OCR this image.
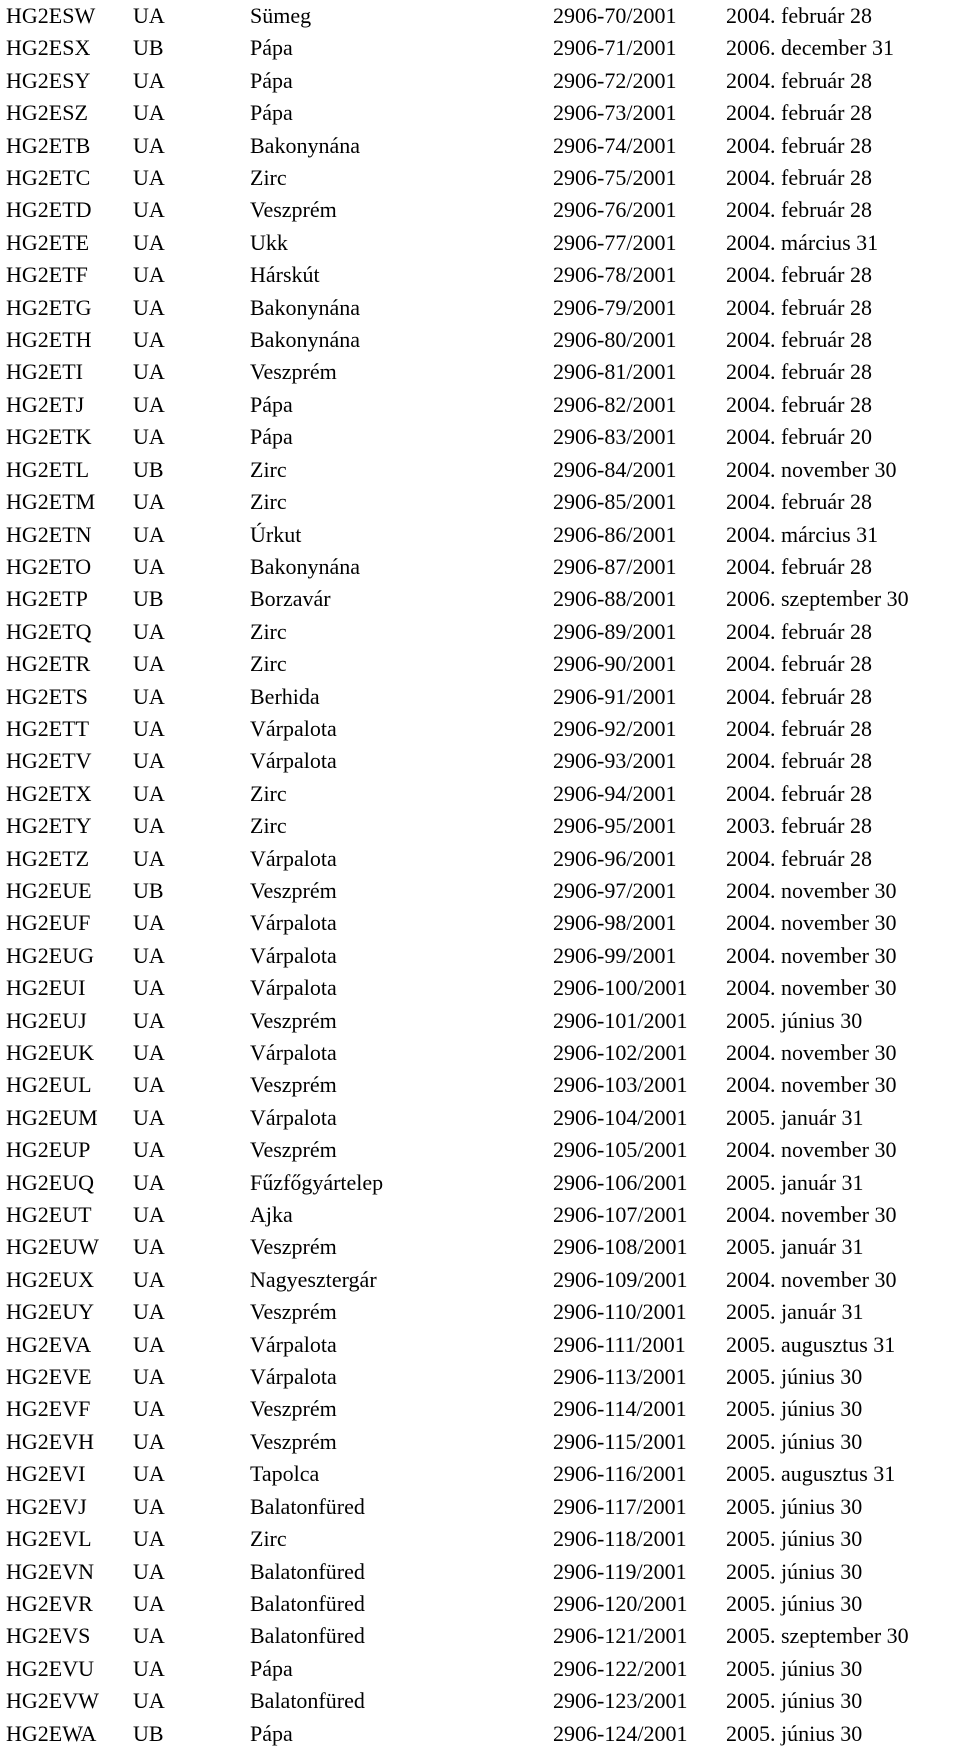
HG2ESW	UA	Sümeg	2906-70/2001	2004. február 28
HG2ESX	UB	Pápa	2906-71/2001	2006. december 31
HG2ESY	UA	Pápa	2906-72/2001	2004. február 28
HG2ESZ	UA	Pápa	2906-73/2001	2004. február 28
HG2ETB	UA	Bakonynána	2906-74/2001	2004. február 28
HG2ETC	UA	Zirc	2906-75/2001	2004. február 28
HG2ETD	UA	Veszprém	2906-76/2001	2004. február 28
HG2ETE	UA	Ukk	2906-77/2001	2004. március 31
HG2ETF	UA	Hárskút	2906-78/2001	2004. február 28
HG2ETG	UA	Bakonynána	2906-79/2001	2004. február 28
HG2ETH	UA	Bakonynána	2906-80/2001	2004. február 28
HG2ETI	UA	Veszprém	2906-81/2001	2004. február 28
HG2ETJ	UA	Pápa	2906-82/2001	2004. február 28
HG2ETK	UA	Pápa	2906-83/2001	2004. február 20
HG2ETL	UB	Zirc	2906-84/2001	2004. november 30
HG2ETM	UA	Zirc	2906-85/2001	2004. február 28
HG2ETN	UA	Úrkut	2906-86/2001	2004. március 31
HG2ETO	UA	Bakonynána	2906-87/2001	2004. február 28
HG2ETP	UB	Borzavár	2906-88/2001	2006. szeptember 30
HG2ETQ	UA	Zirc	2906-89/2001	2004. február 28
HG2ETR	UA	Zirc	2906-90/2001	2004. február 28
HG2ETS	UA	Berhida	2906-91/2001	2004. február 28
HG2ETT	UA	Várpalota	2906-92/2001	2004. február 28
HG2ETV	UA	Várpalota	2906-93/2001	2004. február 28
HG2ETX	UA	Zirc	2906-94/2001	2004. február 28
HG2ETY	UA	Zirc	2906-95/2001	2003. február 28
HG2ETZ	UA	Várpalota	2906-96/2001	2004. február 28
HG2EUE	UB	Veszprém	2906-97/2001	2004. november 30
HG2EUF	UA	Várpalota	2906-98/2001	2004. november 30
HG2EUG	UA	Várpalota	2906-99/2001	2004. november 30
HG2EUI	UA	Várpalota	2906-100/2001	2004. november 30
HG2EUJ	UA	Veszprém	2906-101/2001	2005. június 30
HG2EUK	UA	Várpalota	2906-102/2001	2004. november 30
HG2EUL	UA	Veszprém	2906-103/2001	2004. november 30
HG2EUM	UA	Várpalota	2906-104/2001	2005. január 31
HG2EUP	UA	Veszprém	2906-105/2001	2004. november 30
HG2EUQ	UA	Fűzfőgyártelep	2906-106/2001	2005. január 31
HG2EUT	UA	Ajka	2906-107/2001	2004. november 30
HG2EUW	UA	Veszprém	2906-108/2001	2005. január 31
HG2EUX	UA	Nagyesztergár	2906-109/2001	2004. november 30
HG2EUY	UA	Veszprém	2906-110/2001	2005. január 31
HG2EVA	UA	Várpalota	2906-111/2001	2005. augusztus 31
HG2EVE	UA	Várpalota	2906-113/2001	2005. június 30
HG2EVF	UA	Veszprém	2906-114/2001	2005. június 30
HG2EVH	UA	Veszprém	2906-115/2001	2005. június 30
HG2EVI	UA	Tapolca	2906-116/2001	2005. augusztus 31
HG2EVJ	UA	Balatonfüred	2906-117/2001	2005. június 30
HG2EVL	UA	Zirc	2906-118/2001	2005. június 30
HG2EVN	UA	Balatonfüred	2906-119/2001	2005. június 30
HG2EVR	UA	Balatonfüred	2906-120/2001	2005. június 30
HG2EVS	UA	Balatonfüred	2906-121/2001	2005. szeptember 30
HG2EVU	UA	Pápa	2906-122/2001	2005. június 30
HG2EVW	UA	Balatonfüred	2906-123/2001	2005. június 30
HG2EWA	UB	Pápa	2906-124/2001	2005. június 30
